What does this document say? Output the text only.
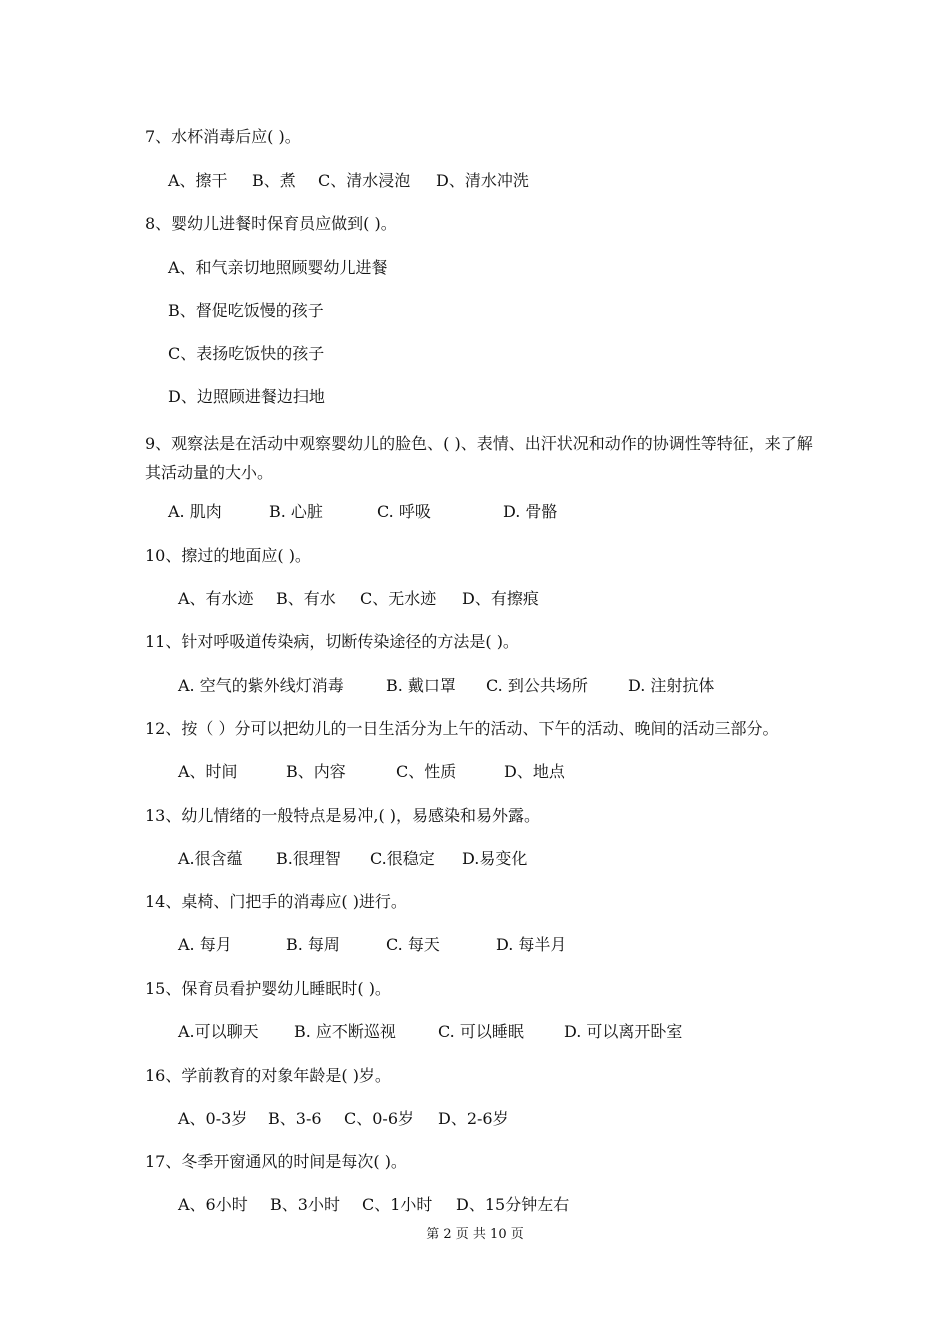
7、水杯消毒后应( )。
A、擦干 B、煮 C、清水浸泡 D、清水冲洗
8、婴幼儿进餐时保育员应做到( )。
A、和气亲切地照顾婴幼儿进餐
B、督促吃饭慢的孩子
C、表扬吃饭快的孩子
D、边照顾进餐边扫地
9、观察法是在活动中观察婴幼儿的脸色、( )、表情、出汗状况和动作的协调性等特征，来了解其活动量的大小。
A. 肌肉	B. 心脏	C. 呼吸	D. 骨骼
10、擦过的地面应( )。
A、有水迹 B、有水 C、无水迹 D、有擦痕
11、针对呼吸道传染病，切断传染途径的方法是( )。
A. 空气的紫外线灯消毒	B. 戴口罩 C. 到公共场所	D. 注射抗体
12、按（ ）分可以把幼儿的一日生活分为上午的活动、下午的活动、晚间的活动三部分。
A、时间	B、内容	C、性质	D、地点
13、幼儿情绪的一般特点是易冲,( )，易感染和易外露。
A.很含蕴 B.很理智 C.很稳定 D.易变化
14、桌椅、门把手的消毒应( )进行。
A. 每月	B. 每周	C. 每天	D. 每半月
15、保育员看护婴幼儿睡眠时( )。
A.可以聊天 B. 应不断巡视	C. 可以睡眠	D. 可以离开卧室
16、学前教育的对象年龄是( )岁。
A、0-3岁 B、3-6 C、0-6岁 D、2-6岁
17、冬季开窗通风的时间是每次( )。
A、6小时 B、3小时 C、1小时 D、15分钟左右
第 2 页 共 10 页
